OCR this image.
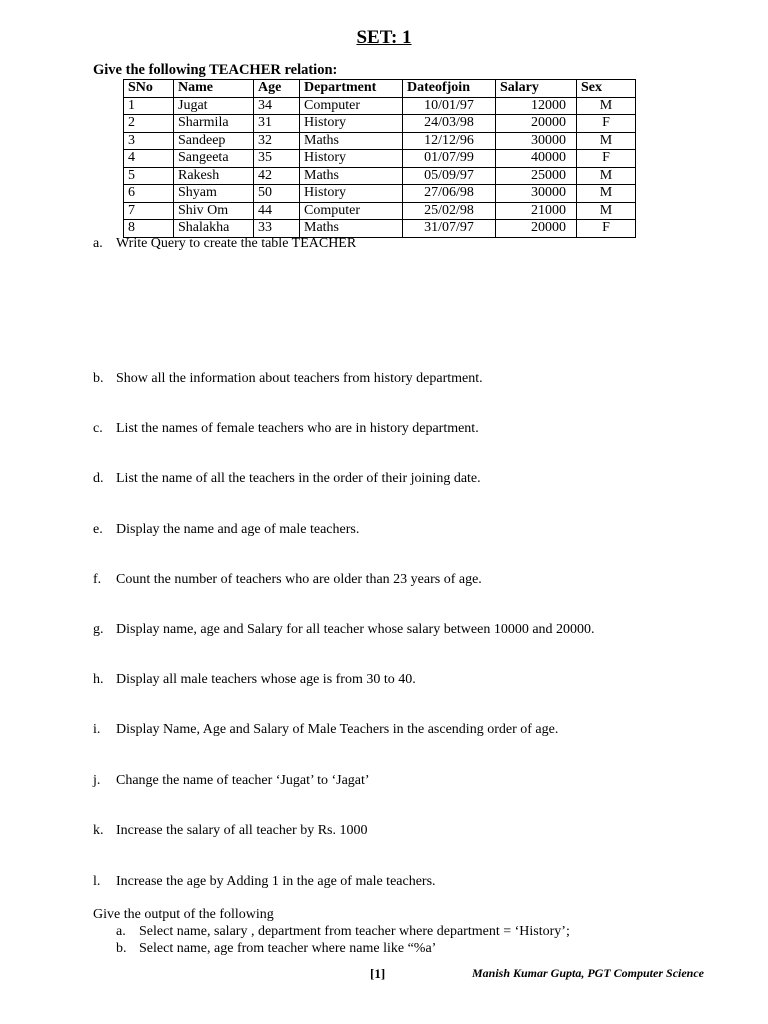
SET: 1
Give the following TEACHER relation:
SNo	Name	Age	Department	Dateofjoin	Salary	Sex
1	Jugat	34	Computer	10/01/97	12000	M
2	Sharmila	31	History	24/03/98	20000	F
3	Sandeep	32	Maths	12/12/96	30000	M
4	Sangeeta	35	History	01/07/99	40000	F
5	Rakesh	42	Maths	05/09/97	25000	M
6	Shyam	50	History	27/06/98	30000	M
7	Shiv Om	44	Computer	25/02/98	21000	M
8	Shalakha	33	Maths	31/07/97	20000	F
a. Write Query to create the table TEACHER
b. Show all the information about teachers from history department.
c. List the names of female teachers who are in history department.
d. List the name of all the teachers in the order of their joining date.
e. Display the name and age of male teachers.
f. Count the number of teachers who are older than 23 years of age.
g. Display name, age and Salary for all teacher whose salary between 10000 and 20000.
h. Display all male teachers whose age is from 30 to 40.
i. Display Name, Age and Salary of Male Teachers in the ascending order of age.
j. Change the name of teacher ‘Jugat’ to ‘Jagat’
k. Increase the salary of all teacher by Rs. 1000
l. Increase the age by Adding 1 in the age of male teachers.
Give the output of the following
a. Select name, salary , department from teacher where department = ‘History’;
b. Select name, age from teacher where name like “%a’
[1]	Manish Kumar Gupta, PGT Computer Science
